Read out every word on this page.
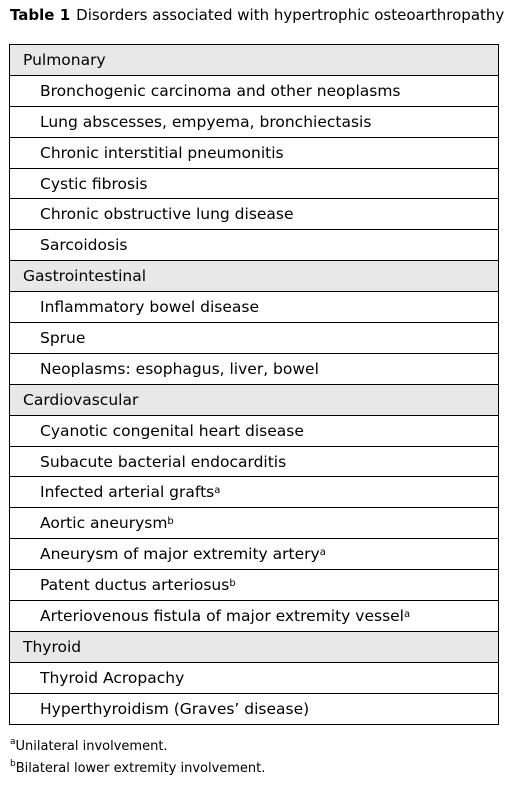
Table 1 Disorders associated with hypertrophic osteoarthropathy
Pulmonary
Bronchogenic carcinoma and other neoplasms
Lung abscesses, empyema, bronchiectasis
Chronic interstitial pneumonitis
Cystic fibrosis
Chronic obstructive lung disease
Sarcoidosis
Gastrointestinal
Inflammatory bowel disease
Sprue
Neoplasms: esophagus, liver, bowel
Cardiovascular
Cyanotic congenital heart disease
Subacute bacterial endocarditis
Infected arterial grafts$^a$
Aortic aneurysm$^b$
Aneurysm of major extremity artery$^a$
Patent ductus arteriosus$^b$
Arteriovenous fistula of major extremity vessel$^a$
Thyroid
Thyroid Acropachy
Hyperthyroidism (Graves’ disease)
$^a$Unilateral involvement.
$^b$Bilateral lower extremity involvement.
